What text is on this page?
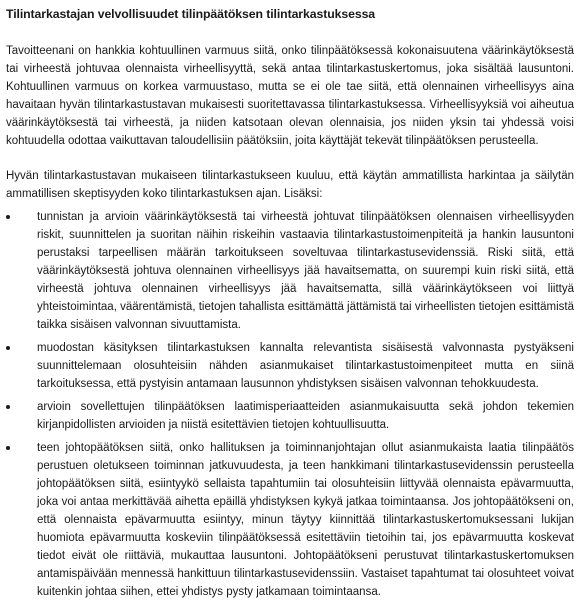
Tilintarkastajan velvollisuudet tilinpäätöksen tilintarkastuksessa

Tavoitteenani on hankkia kohtuullinen varmuus siitä, onko tilinpäätöksessä kokonaisuutena väärinkäytöksestä tai virheestä johtuvaa olennaista virheellisyyttä, sekä antaa tilintarkastuskertomus, joka sisältää lausuntoni. Kohtuullinen varmuus on korkea varmuustaso, mutta se ei ole tae siitä, että olennainen virheellisyys aina havaitaan hyvän tilintarkastustavan mukaisesti suoritettavassa tilintarkastuksessa. Virheellisyyksiä voi aiheutua väärinkäytöksestä tai virheestä, ja niiden katsotaan olevan olennaisia, jos niiden yksin tai yhdessä voisi kohtuudella odottaa vaikuttavan taloudellisiin päätöksiin, joita käyttäjät tekevät tilinpäätöksen perusteella.

Hyvän tilintarkastustavan mukaiseen tilintarkastukseen kuuluu, että käytän ammatillista harkintaa ja säilytän ammatillisen skeptisyyden koko tilintarkastuksen ajan. Lisäksi:

tunnistan ja arvioin väärinkäytöksestä tai virheestä johtuvat tilinpäätöksen olennaisen virheellisyyden riskit, suunnittelen ja suoritan näihin riskeihin vastaavia tilintarkastustoimenpiteitä ja hankin lausuntoni perustaksi tarpeellisen määrän tarkoitukseen soveltuvaa tilintarkastusevidenssiä. Riski siitä, että väärinkäytöksestä johtuva olennainen virheellisyys jää havaitsematta, on suurempi kuin riski siitä, että virheestä johtuva olennainen virheellisyys jää havaitsematta, sillä väärinkäytökseen voi liittyä yhteistoimintaa, väärentämistä, tietojen tahallista esittämättä jättämistä tai virheellisten tietojen esittämistä taikka sisäisen valvonnan sivuuttamista.

muodostan käsityksen tilintarkastuksen kannalta relevantista sisäisestä valvonnasta pystyäkseni suunnittelemaan olosuhteisiin nähden asianmukaiset tilintarkastustoimenpiteet mutta en siinä tarkoituksessa, että pystyisin antamaan lausunnon yhdistyksen sisäisen valvonnan tehokkuudesta.

arvioin sovellettujen tilinpäätöksen laatimisperiaatteiden asianmukaisuutta sekä johdon tekemien kirjanpidollisten arvioiden ja niistä esitettävien tietojen kohtuullisuutta.

teen johtopäätöksen siitä, onko hallituksen ja toiminnanjohtajan ollut asianmukaista laatia tilinpäätös perustuen oletukseen toiminnan jatkuvuudesta, ja teen hankkimani tilintarkastusevidenssin perusteella johtopäätöksen siitä, esiintyykö sellaista tapahtumiin tai olosuhteisiin liittyvää olennaista epävarmuutta, joka voi antaa merkittävää aihetta epäillä yhdistyksen kykyä jatkaa toimintaansa. Jos johtopäätökseni on, että olennaista epävarmuutta esiintyy, minun täytyy kiinnittää tilintarkastuskertomuksessani lukijan huomiota epävarmuutta koskeviin tilinpäätöksessä esitettäviin tietoihin tai, jos epävarmuutta koskevat tiedot eivät ole riittäviä, mukauttaa lausuntoni. Johtopäätökseni perustuvat tilintarkastuskertomuksen antamispäivään mennessä hankittuun tilintarkastusevidenssiin. Vastaiset tapahtumat tai olosuhteet voivat kuitenkin johtaa siihen, ettei yhdistys pysty jatkamaan toimintaansa.
